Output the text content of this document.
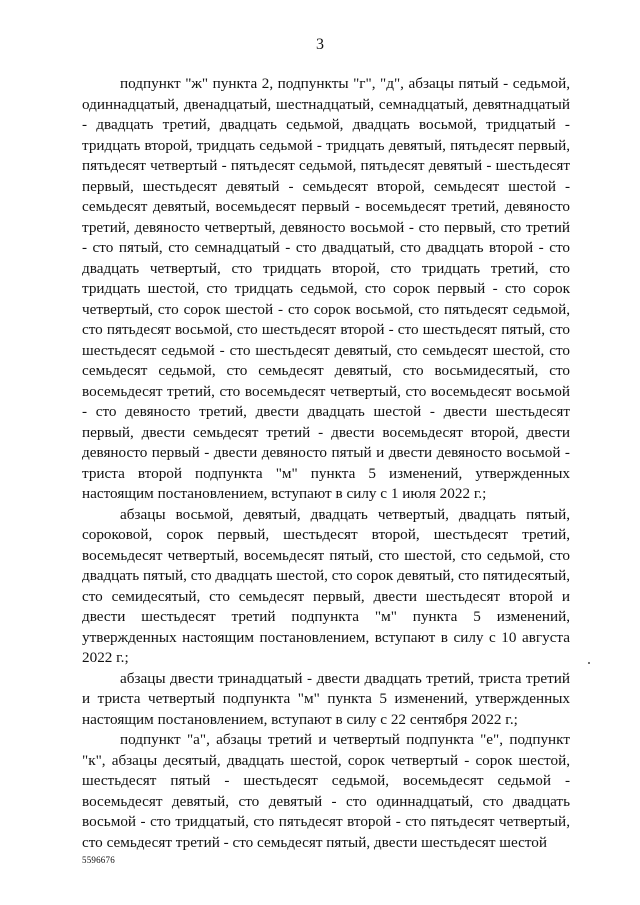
3

подпункт "ж" пункта 2, подпункты "г", "д", абзацы пятый - седьмой, одиннадцатый, двенадцатый, шестнадцатый, семнадцатый, девятнадцатый - двадцать третий, двадцать седьмой, двадцать восьмой, тридцатый - тридцать второй, тридцать седьмой - тридцать девятый, пятьдесят первый, пятьдесят четвертый - пятьдесят седьмой, пятьдесят девятый - шестьдесят первый, шестьдесят девятый - семьдесят второй, семьдесят шестой - семьдесят девятый, восемьдесят первый - восемьдесят третий, девяносто третий, девяносто четвертый, девяносто восьмой - сто первый, сто третий - сто пятый, сто семнадцатый - сто двадцатый, сто двадцать второй - сто двадцать четвертый, сто тридцать второй, сто тридцать третий, сто тридцать шестой, сто тридцать седьмой, сто сорок первый - сто сорок четвертый, сто сорок шестой - сто сорок восьмой, сто пятьдесят седьмой, сто пятьдесят восьмой, сто шестьдесят второй - сто шестьдесят пятый, сто шестьдесят седьмой - сто шестьдесят девятый, сто семьдесят шестой, сто семьдесят седьмой, сто семьдесят девятый, сто восьмидесятый, сто восемьдесят третий, сто восемьдесят четвертый, сто восемьдесят восьмой - сто девяносто третий, двести двадцать шестой - двести шестьдесят первый, двести семьдесят третий - двести восемьдесят второй, двести девяносто первый - двести девяносто пятый и двести девяносто восьмой - триста второй подпункта "м" пункта 5 изменений, утвержденных настоящим постановлением, вступают в силу с 1 июля 2022 г.;

абзацы восьмой, девятый, двадцать четвертый, двадцать пятый, сороковой, сорок первый, шестьдесят второй, шестьдесят третий, восемьдесят четвертый, восемьдесят пятый, сто шестой, сто седьмой, сто двадцать пятый, сто двадцать шестой, сто сорок девятый, сто пятидесятый, сто семидесятый, сто семьдесят первый, двести шестьдесят второй и двести шестьдесят третий подпункта "м" пункта 5 изменений, утвержденных настоящим постановлением, вступают в силу с 10 августа 2022 г.;

абзацы двести тринадцатый - двести двадцать третий, триста третий и триста четвертый подпункта "м" пункта 5 изменений, утвержденных настоящим постановлением, вступают в силу с 22 сентября 2022 г.;

подпункт "а", абзацы третий и четвертый подпункта "е", подпункт "к", абзацы десятый, двадцать шестой, сорок четвертый - сорок шестой, шестьдесят пятый - шестьдесят седьмой, восемьдесят седьмой - восемьдесят девятый, сто девятый - сто одиннадцатый, сто двадцать восьмой - сто тридцатый, сто пятьдесят второй - сто пятьдесят четвертый, сто семьдесят третий - сто семьдесят пятый, двести шестьдесят шестой

5596676
